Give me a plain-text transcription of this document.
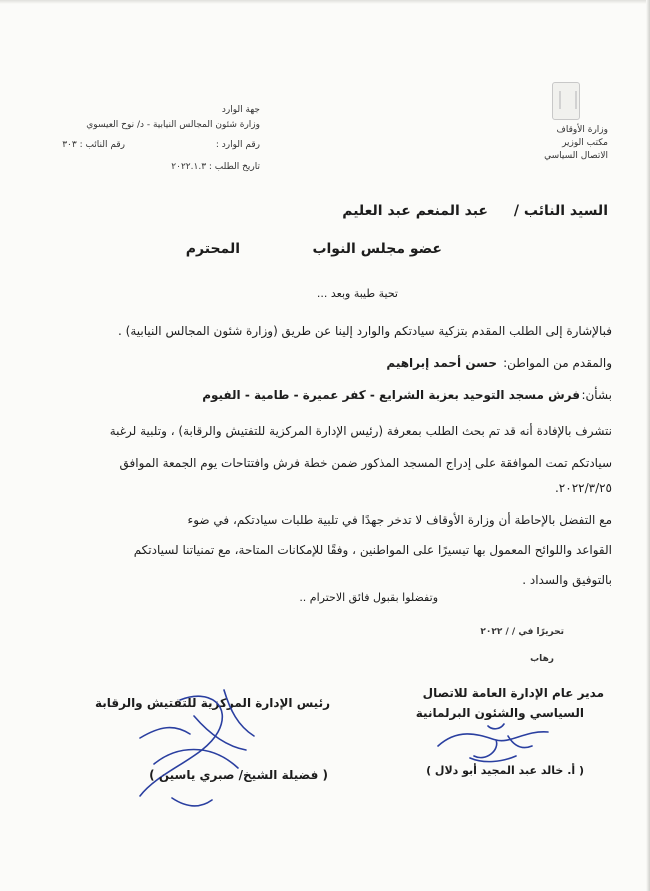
وزارة الأوقاف
مكتب الوزير
الاتصال السياسي
جهة الوارد
وزارة شئون المجالس النيابية - د/ نوح العيسوي
رقم الوارد :
رقم النائب : ٣٠٣
تاريخ الطلب : ٢٠٢٢.١.٣
السيد النائب /
عبد المنعم عبد العليم
عضو مجلس النواب
المحترم
تحية طيبة وبعد ...
فبالإشارة إلى الطلب المقدم بتزكية سيادتكم والوارد إلينا عن طريق (وزارة شئون المجالس النيابية) .
والمقدم من المواطن:
حسن أحمد إبراهيم
بشأن:
فرش مسجد التوحيد بعزبة الشرايع - كفر عميرة - طامية - الفيوم
نتشرف بالإفادة أنه قد تم بحث الطلب بمعرفة (رئيس الإدارة المركزية للتفتيش والرقابة) ، وتلبية لرغبة
سيادتكم تمت الموافقة على إدراج المسجد المذكور ضمن خطة فرش وافتتاحات يوم الجمعة الموافق
٢٠٢٢/٣/٢٥.
مع التفضل بالإحاطة أن وزارة الأوقاف لا تدخر جهدًا في تلبية طلبات سيادتكم، في ضوء
القواعد واللوائح المعمول بها تيسيرًا على المواطنين ، وفقًا للإمكانات المتاحة، مع تمنياتنا لسيادتكم
بالتوفيق والسداد .
وتفضلوا بقبول فائق الاحترام ..
تحريرًا في / / ٢٠٢٢
رهاب
مدير عام الإدارة العامة للاتصال
السياسي والشئون البرلمانية
( أ. خالد عبد المجيد أبو دلال )
رئيس الإدارة المركزية للتفتيش والرقابة
( فضيلة الشيخ/ صبري ياسين )
